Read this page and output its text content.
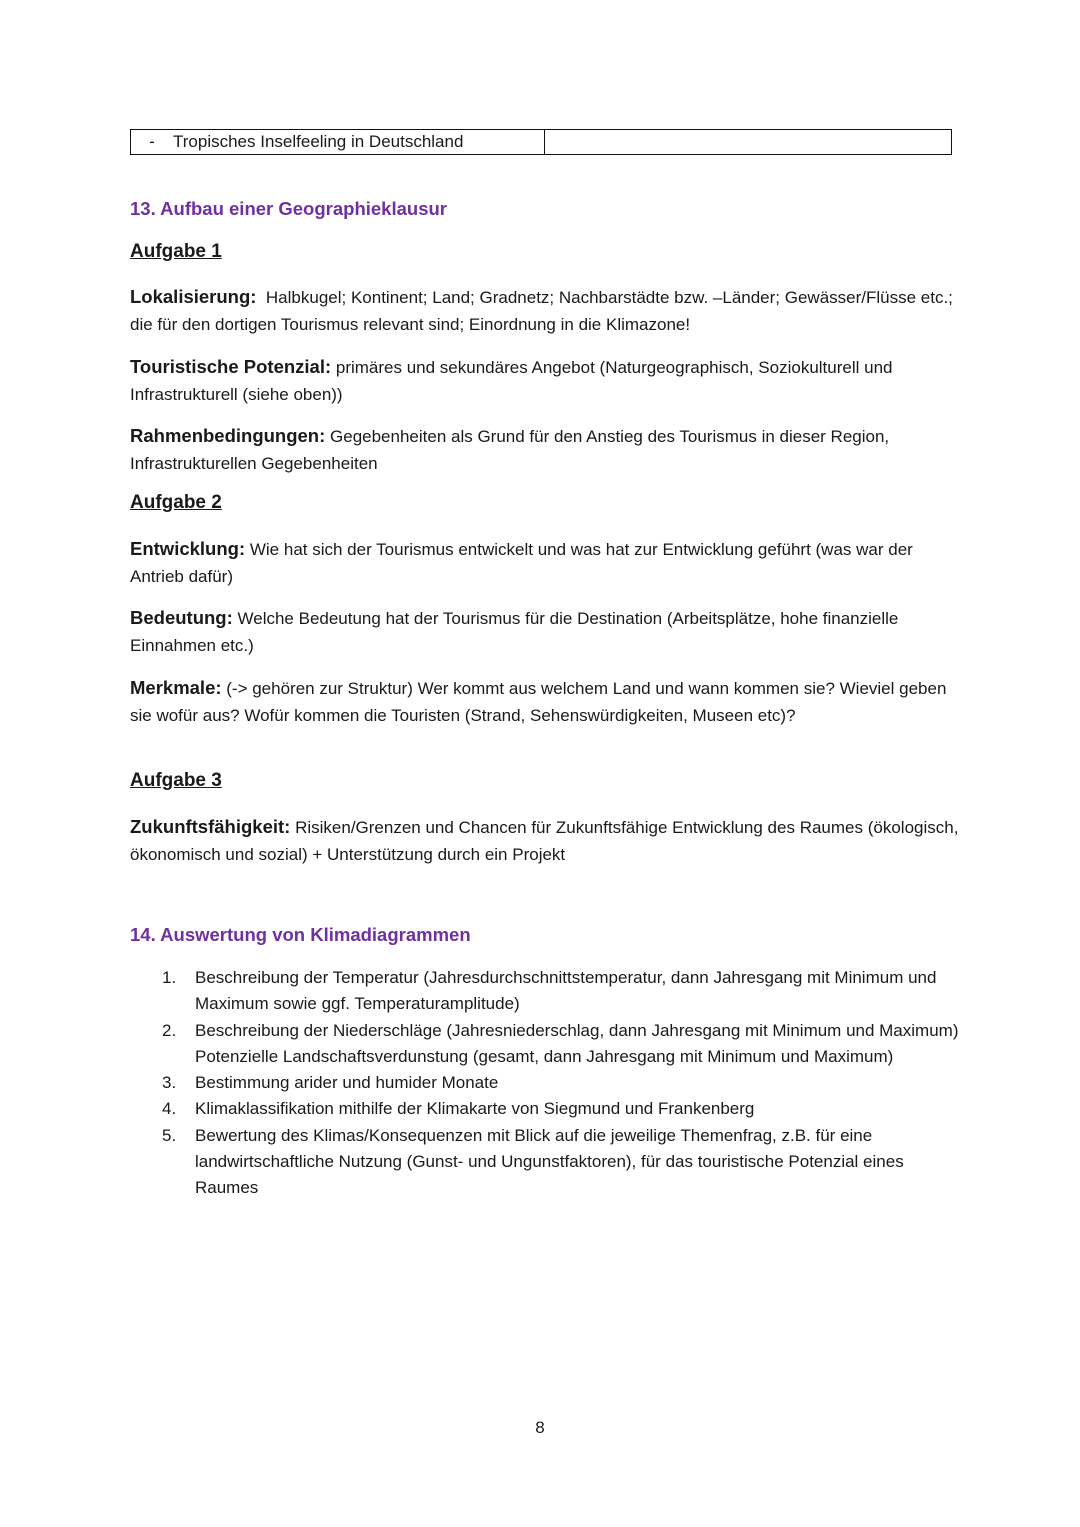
- Tropisches Inselfeeling in Deutschland	
13. Aufbau einer Geographieklausur

Aufgabe 1

Lokalisierung: Halbkugel; Kontinent; Land; Gradnetz; Nachbarstädte bzw. –Länder; Gewässer/Flüsse etc.; die für den dortigen Tourismus relevant sind; Einordnung in die Klimazone!

Touristische Potenzial: primäres und sekundäres Angebot (Naturgeographisch, Soziokulturell und Infrastrukturell (siehe oben))

Rahmenbedingungen: Gegebenheiten als Grund für den Anstieg des Tourismus in dieser Region, Infrastrukturellen Gegebenheiten

Aufgabe 2

Entwicklung: Wie hat sich der Tourismus entwickelt und was hat zur Entwicklung geführt (was war der Antrieb dafür)

Bedeutung: Welche Bedeutung hat der Tourismus für die Destination (Arbeitsplätze, hohe finanzielle Einnahmen etc.)

Merkmale: (-> gehören zur Struktur) Wer kommt aus welchem Land und wann kommen sie? Wieviel geben sie wofür aus? Wofür kommen die Touristen (Strand, Sehenswürdigkeiten, Museen etc)?

Aufgabe 3

Zukunftsfähigkeit: Risiken/Grenzen und Chancen für Zukunftsfähige Entwicklung des Raumes (ökologisch, ökonomisch und sozial) + Unterstützung durch ein Projekt

14. Auswertung von Klimadiagrammen
1.	Beschreibung der Temperatur (Jahresdurchschnittstemperatur, dann Jahresgang mit Minimum und Maximum sowie ggf. Temperaturamplitude)
2.	Beschreibung der Niederschläge (Jahresniederschlag, dann Jahresgang mit Minimum und Maximum)
Potenzielle Landschaftsverdunstung (gesamt, dann Jahresgang mit Minimum und Maximum)
3.	Bestimmung arider und humider Monate
4.	Klimaklassifikation mithilfe der Klimakarte von Siegmund und Frankenberg
5.	Bewertung des Klimas/Konsequenzen mit Blick auf die jeweilige Themenfrag, z.B. für eine landwirtschaftliche Nutzung (Gunst- und Ungunstfaktoren), für das touristische Potenzial eines Raumes
8
